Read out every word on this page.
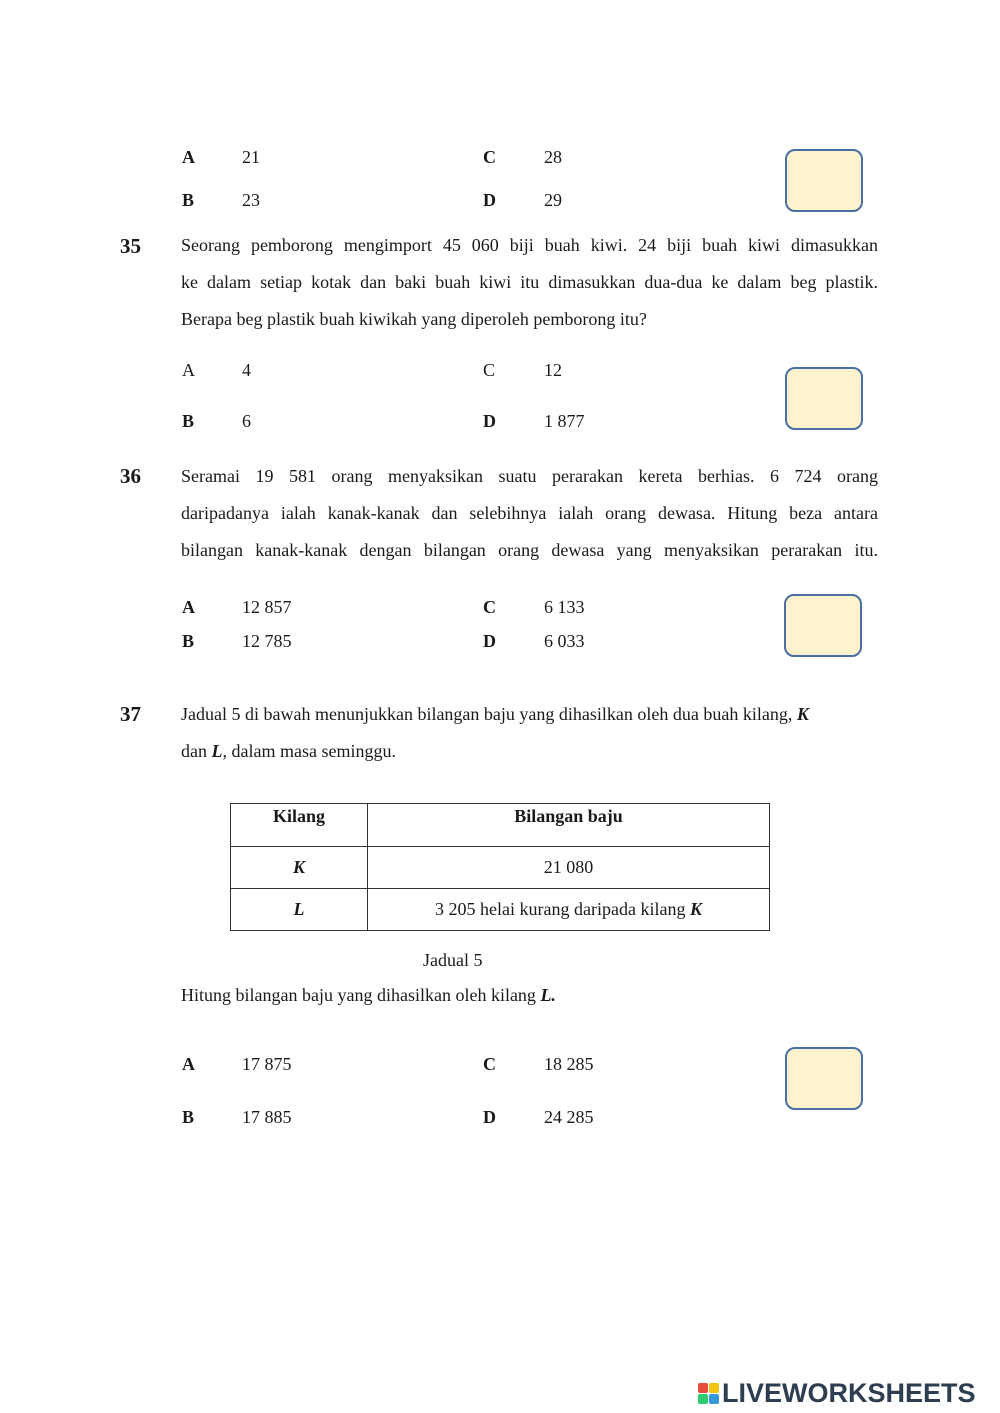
A	21
B	23
C	28
D	29
35 Seorang pemborong mengimport 45 060 biji buah kiwi. 24 biji buah kiwi dimasukkan
ke dalam setiap kotak dan baki buah kiwi itu dimasukkan dua-dua ke dalam beg plastik.
Berapa beg plastik buah kiwikah yang diperoleh pemborong itu?
A	4
B	6
C	12
D	1 877
36 Seramai 19 581 orang menyaksikan suatu perarakan kereta berhias. 6 724 orang
daripadanya ialah kanak-kanak dan selebihnya ialah orang dewasa. Hitung beza antara
bilangan kanak-kanak dengan bilangan orang dewasa yang menyaksikan perarakan itu.
A	12 857
B	12 785
C	6 133
D	6 033
37 Jadual 5 di bawah menunjukkan bilangan baju yang dihasilkan oleh dua buah kilang, K
dan L, dalam masa seminggu.
Kilang	Bilangan baju
K	21 080
L	3 205 helai kurang daripada kilang K
Jadual 5
Hitung bilangan baju yang dihasilkan oleh kilang L.
A	17 875
B	17 885
C	18 285
D	24 285
LIVEWORKSHEETS
